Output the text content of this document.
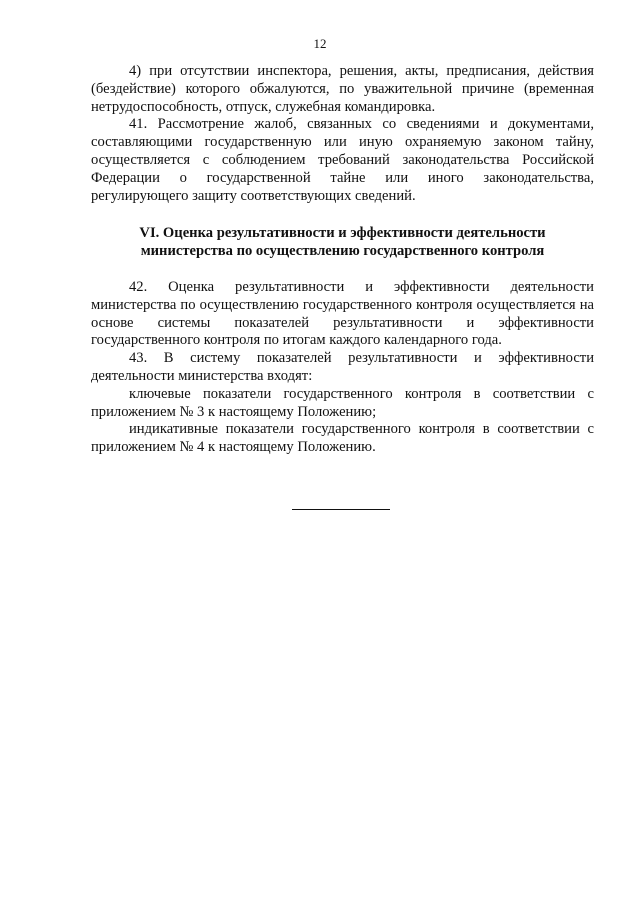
12

4) при отсутствии инспектора, решения, акты, предписания, действия (бездействие) которого обжалуются, по уважительной причине (временная нетрудоспособность, отпуск, служебная командировка.

41. Рассмотрение жалоб, связанных со сведениями и документами, составляющими государственную или иную охраняемую законом тайну, осуществляется с соблюдением требований законодательства Российской Федерации о государственной тайне или иного законодательства, регулирующего защиту соответствующих сведений.

VI. Оценка результативности и эффективности деятельности
министерства по осуществлению государственного контроля

42. Оценка результативности и эффективности деятельности министерства по осуществлению государственного контроля осуществляется на основе системы показателей результативности и эффективности государственного контроля по итогам каждого календарного года.

43. В систему показателей результативности и эффективности деятельности министерства входят:

ключевые показатели государственного контроля в соответствии с приложением № 3 к настоящему Положению;

индикативные показатели государственного контроля в соответствии с приложением № 4 к настоящему Положению.
